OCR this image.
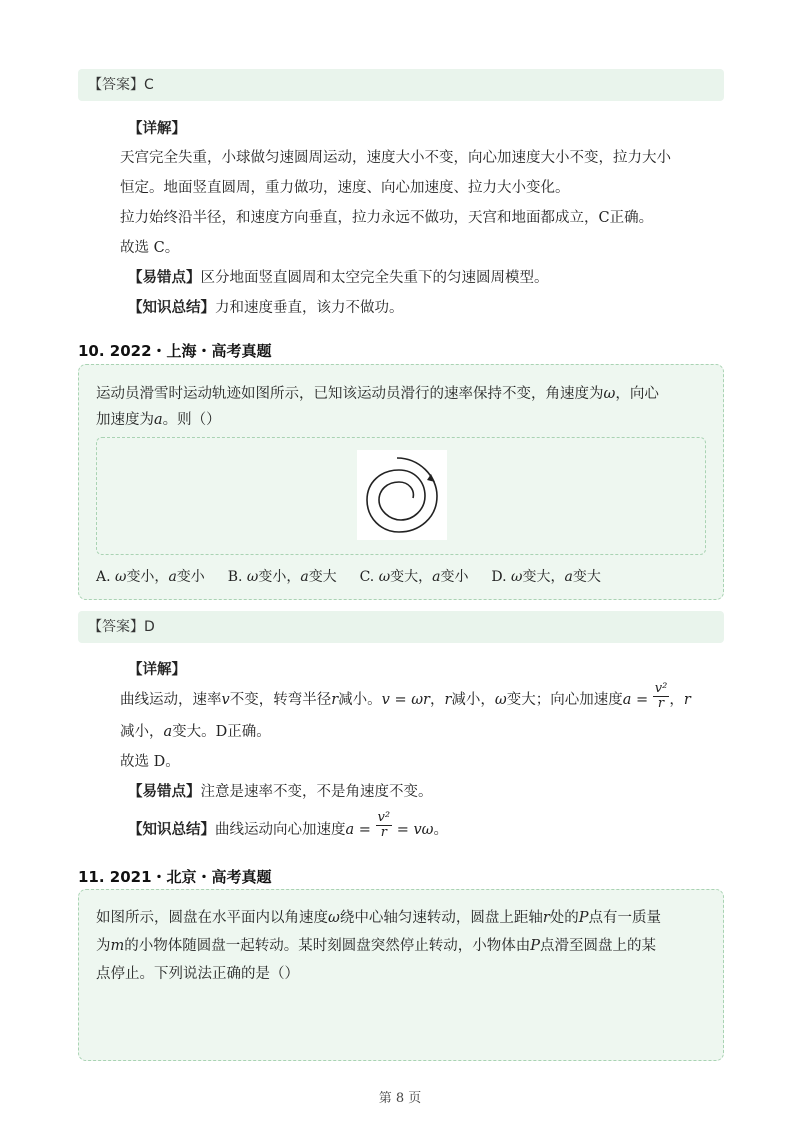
【答案】C
【详解】
天宫完全失重，小球做匀速圆周运动，速度大小不变，向心加速度大小不变，拉力大小
恒定。地面竖直圆周，重力做功，速度、向心加速度、拉力大小变化。
拉力始终沿半径，和速度方向垂直，拉力永远不做功，天宫和地面都成立，C正确。
故选 C。
【易错点】区分地面竖直圆周和太空完全失重下的匀速圆周模型。
【知识总结】力和速度垂直，该力不做功。
10. 2022・上海・高考真题
运动员滑雪时运动轨迹如图所示，已知该运动员滑行的速率保持不变，角速度为ω，向心
加速度为a。则（）
A. ω变小，a变小 B. ω变小，a变大 C. ω变大，a变小 D. ω变大，a变大
【答案】D
【详解】
曲线运动，速率v不变，转弯半径r减小。v = ωr，r减小，ω变大；向心加速度$a = \frac{\text{v²}}{r}$ ，r
减小，a变大。D正确。
故选 D。
【易错点】注意是速率不变，不是角速度不变。
【知识总结】曲线运动向心加速度$a = \frac{\text{v²}}{r} = v\omega$。
11. 2021・北京・高考真题
如图所示，圆盘在水平面内以角速度ω绕中心轴匀速转动，圆盘上距轴r处的P点有一质量
为m的小物体随圆盘一起转动。某时刻圆盘突然停止转动，小物体由P点滑至圆盘上的某
点停止。下列说法正确的是（）
第 8 页
